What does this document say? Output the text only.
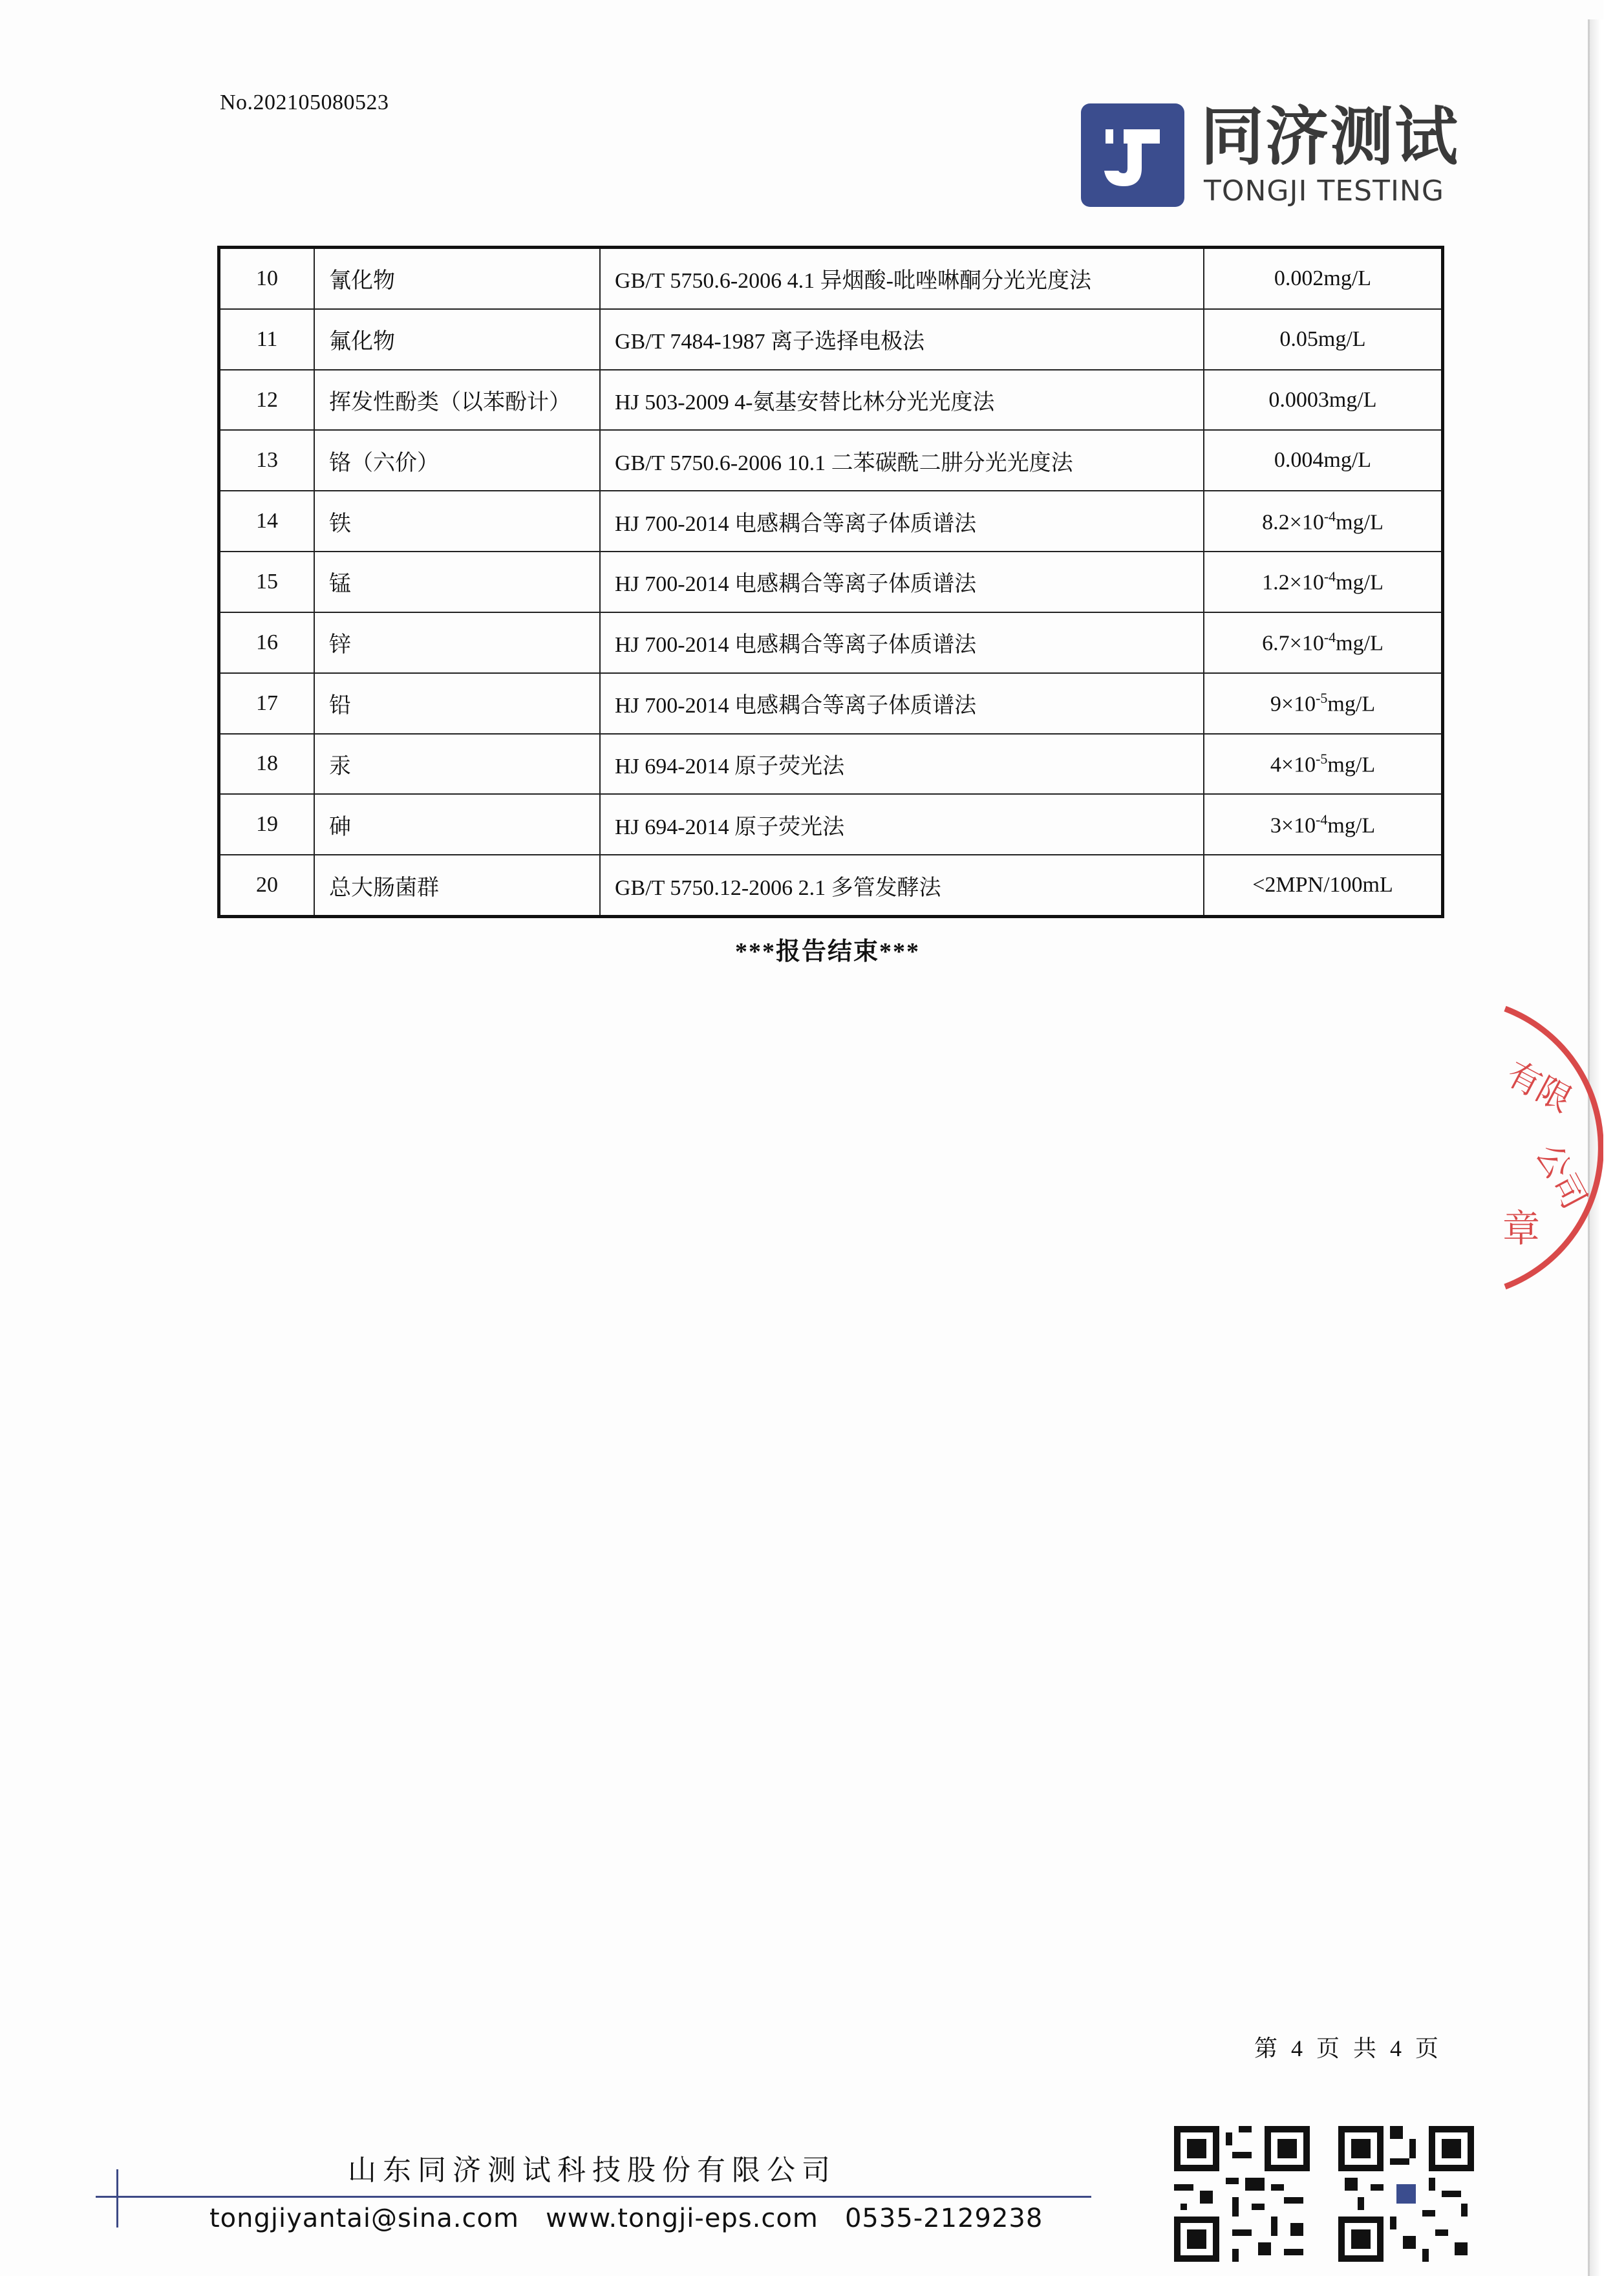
No.202105080523	同济测试
TONGJI TESTING
10	氰化物	GB/T 5750.6-2006 4.1 异烟酸-吡唑啉酮分光光度法	0.002mg/L
11	氟化物	GB/T 7484-1987 离子选择电极法	0.05mg/L
12	挥发性酚类（以苯酚计）	HJ 503-2009 4-氨基安替比林分光光度法	0.0003mg/L
13	铬（六价）	GB/T 5750.6-2006 10.1 二苯碳酰二肼分光光度法	0.004mg/L
14	铁	HJ 700-2014 电感耦合等离子体质谱法	$8.2\times 10^{-4}mg/L$
15	锰	HJ 700-2014 电感耦合等离子体质谱法	$1.2\times 10^{-4}mg/L$
16	锌	HJ 700-2014 电感耦合等离子体质谱法	$6.7\times 10^{-4}mg/L$
17	铅	HJ 700-2014 电感耦合等离子体质谱法	$9\times 10^{-5}mg/L$
18	汞	HJ 694-2014 原子荧光法	$4\times 10^{-5}mg/L$
19	砷	HJ 694-2014 原子荧光法	$3\times 10^{-4}mg/L$
20	总大肠菌群	GB/T 5750.12-2006 2.1 多管发酵法	<2MPN/100mL
***报告结束***
有限
公司
章
第 4 页 共 4 页
山东同济测试科技股份有限公司
tongjiyantai@sina.com   www.tongji-eps.com   0535-2129238
